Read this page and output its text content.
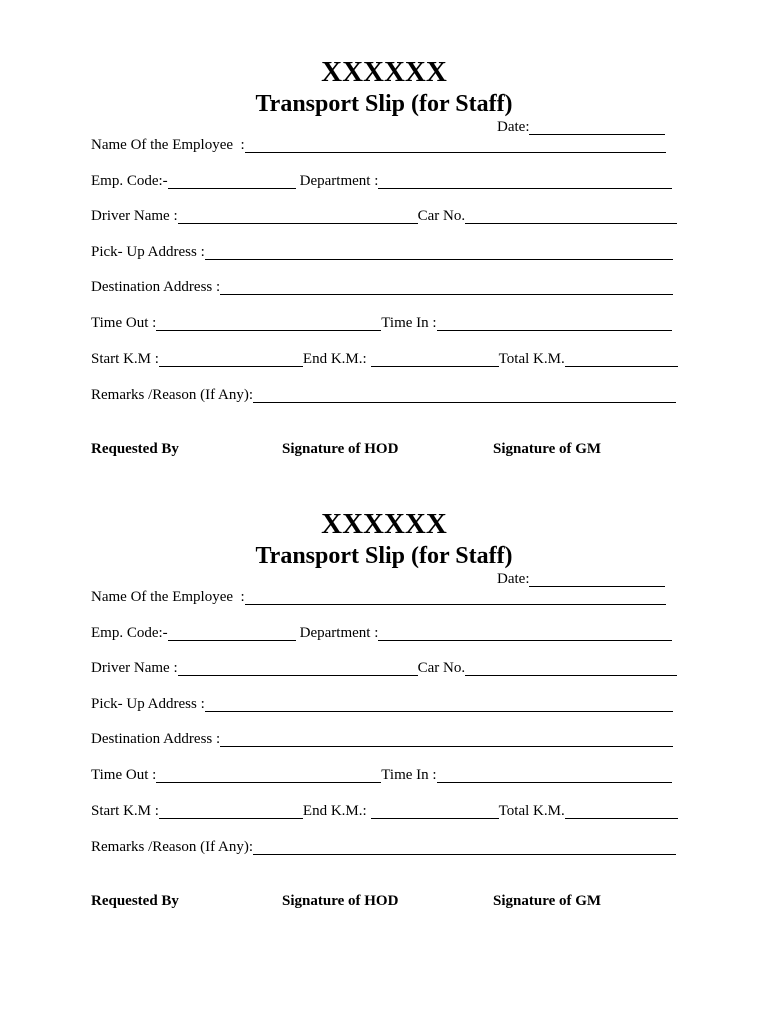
XXXXXX
Transport Slip (for Staff)
Date:
Name Of the Employee  :
Emp. Code:-	Department :
Driver Name :	Car No.
Pick- Up Address :
Destination Address :
Time Out :	Time In :
Start K.M :	End K.M.:	Total K.M.
Remarks /Reason (If Any):
Requested By	Signature of HOD	Signature of GM
XXXXXX
Transport Slip (for Staff)
Date:
Name Of the Employee  :
Emp. Code:-	Department :
Driver Name :	Car No.
Pick- Up Address :
Destination Address :
Time Out :	Time In :
Start K.M :	End K.M.:	Total K.M.
Remarks /Reason (If Any):
Requested By	Signature of HOD	Signature of GM
